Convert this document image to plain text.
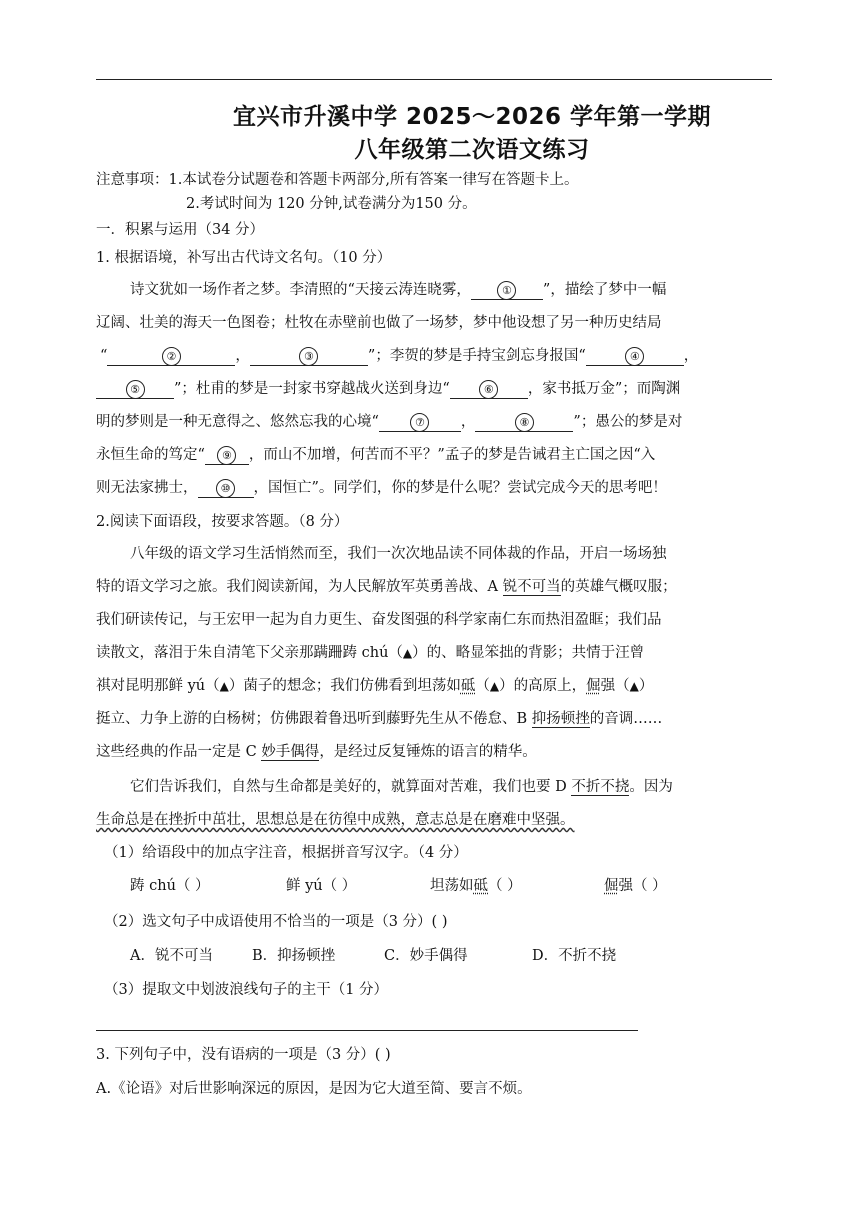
宜兴市升溪中学 2025～2026 学年第一学期
八年级第二次语文练习
注意事项：1.本试卷分试题卷和答题卡两部分,所有答案一律写在答题卡上。
2.考试时间为 120 分钟,试卷满分为150 分。
一．积累与运用（34 分）
1. 根据语境，补写出古代诗文名句。（10 分）
诗文犹如一场作者之梦。李清照的“天接云涛连晓雾，	① ”，描绘了梦中一幅
辽阔、壮美的海天一色图卷；杜牧在赤壁前也做了一场梦，梦中他设想了另一种历史结局
“	②	，	③	”；李贺的梦是手持宝剑忘身报国“	④	，
⑤ ”；杜甫的梦是一封家书穿越战火送到身边“	⑥ ，家书抵万金”；而陶渊
明的梦则是一种无意得之、悠然忘我的心境“	⑦ ，	⑧	”；愚公的梦是对
永恒生命的笃定“ ⑨ ，而山不加增，何苦而不平？”孟子的梦是告诫君主亡国之因“入
则无法家拂士， ⑩ ，国恒亡”。同学们，你的梦是什么呢？尝试完成今天的思考吧！
2.阅读下面语段，按要求答题。（8 分）
八年级的语文学习生活悄然而至，我们一次次地品读不同体裁的作品，开启一场场独
特的语文学习之旅。我们阅读新闻，为人民解放军英勇善战、A 锐不可当的英雄气概叹服；
我们研读传记，与王宏甲一起为自力更生、奋发图强的科学家南仁东而热泪盈眶；我们品
读散文，落泪于朱自清笔下父亲那蹒跚踌 chú（▲）的、略显笨拙的背影；共情于汪曾
祺对昆明那鲜 yú（▲）菌子的想念；我们仿佛看到坦荡如砥（▲）的高原上，倔强（▲）
挺立、力争上游的白杨树；仿佛跟着鲁迅听到藤野先生从不倦怠、B 抑扬顿挫的音调……
这些经典的作品一定是 C 妙手偶得，是经过反复锤炼的语言的精华。
它们告诉我们，自然与生命都是美好的，就算面对苦难，我们也要 D 不折不挠。因为
生命总是在挫折中茁壮，思想总是在彷徨中成熟，意志总是在磨难中坚强。
（1）给语段中的加点字注音，根据拼音写汉字。（4 分）
踌 chú（ ）	鲜 yú（ ）	坦荡如砥（ ）	倔强（ ）
（2）选文句子中成语使用不恰当的一项是（3 分）( )
A．锐不可当	B．抑扬顿挫	C．妙手偶得	D．不折不挠
（3）提取文中划波浪线句子的主干（1 分）
3. 下列句子中，没有语病的一项是（3 分）( )
A.《论语》对后世影响深远的原因，是因为它大道至简、要言不烦。
